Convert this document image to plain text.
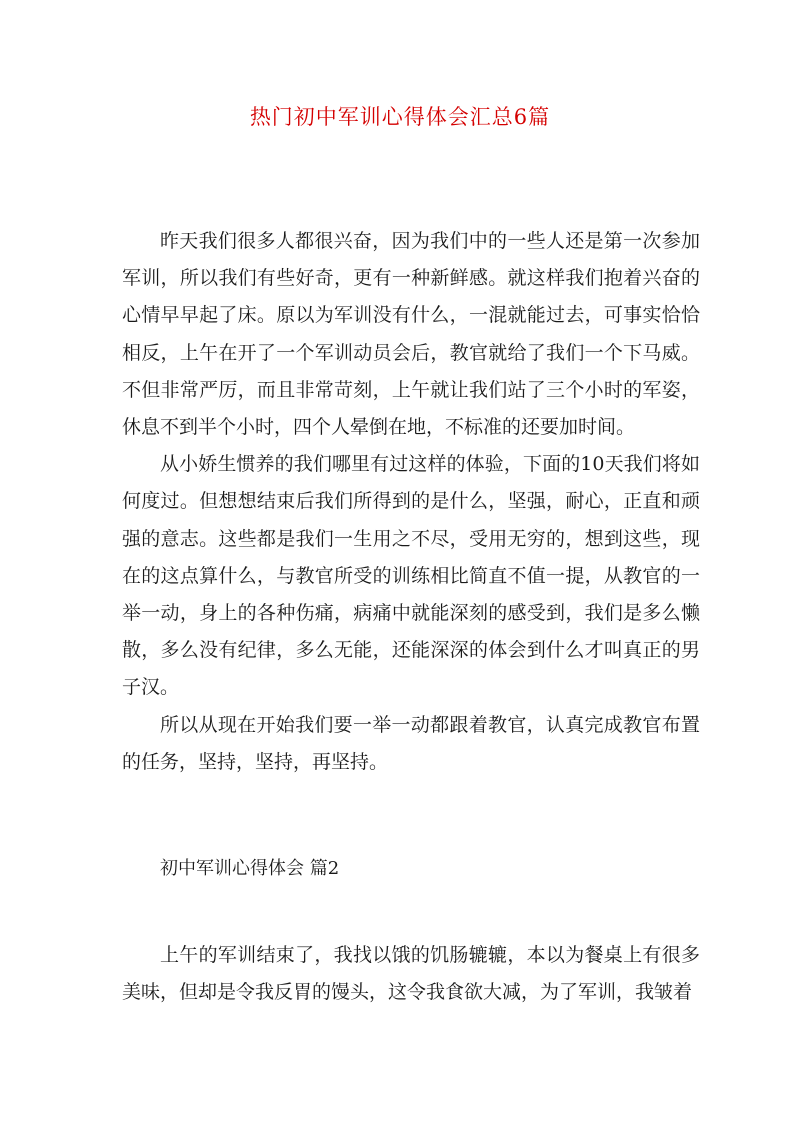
热门初中军训心得体会汇总6篇

昨天我们很多人都很兴奋，因为我们中的一些人还是第一次参加军训，所以我们有些好奇，更有一种新鲜感。就这样我们抱着兴奋的心情早早起了床。原以为军训没有什么，一混就能过去，可事实恰恰相反，上午在开了一个军训动员会后，教官就给了我们一个下马威。不但非常严厉，而且非常苛刻，上午就让我们站了三个小时的军姿，休息不到半个小时，四个人晕倒在地，不标准的还要加时间。

从小娇生惯养的我们哪里有过这样的体验，下面的10天我们将如何度过。但想想结束后我们所得到的是什么，坚强，耐心，正直和顽强的意志。这些都是我们一生用之不尽，受用无穷的，想到这些，现在的这点算什么，与教官所受的训练相比简直不值一提，从教官的一举一动，身上的各种伤痛，病痛中就能深刻的感受到，我们是多么懒散，多么没有纪律，多么无能，还能深深的体会到什么才叫真正的男子汉。

所以从现在开始我们要一举一动都跟着教官，认真完成教官布置的任务，坚持，坚持，再坚持。

初中军训心得体会 篇2

上午的军训结束了，我找以饿的饥肠辘辘，本以为餐桌上有很多美味，但却是令我反胃的馒头，这令我食欲大减，为了军训，我皱着
